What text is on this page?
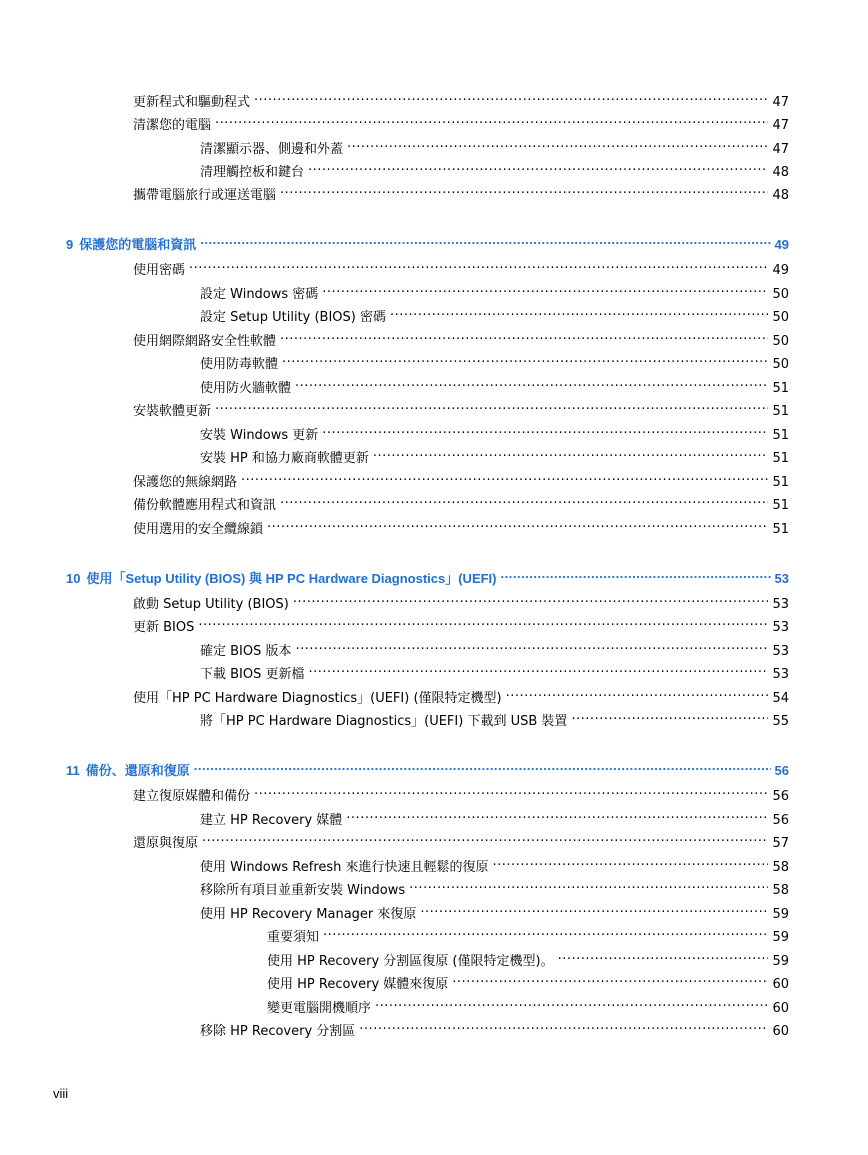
更新程式和驅動程式 .....	47
清潔您的電腦 .....	47
清潔顯示器、側邊和外蓋 .....	47
清理觸控板和鍵台 .....	48
攜帶電腦旅行或運送電腦 .....	48
9 保護您的電腦和資訊 .....	49
使用密碼 .....	49
設定 Windows 密碼 .....	50
設定 Setup Utility (BIOS) 密碼 .....	50
使用網際網路安全性軟體 .....	50
使用防毒軟體 .....	50
使用防火牆軟體 .....	51
安裝軟體更新 .....	51
安裝 Windows 更新 .....	51
安裝 HP 和協力廠商軟體更新 .....	51
保護您的無線網路 .....	51
備份軟體應用程式和資訊 .....	51
使用選用的安全纜線鎖 .....	51
10 使用「Setup Utility (BIOS) 與 HP PC Hardware Diagnostics」(UEFI) .....	53
啟動 Setup Utility (BIOS) .....	53
更新 BIOS .....	53
確定 BIOS 版本 .....	53
下載 BIOS 更新檔 .....	53
使用「HP PC Hardware Diagnostics」(UEFI) (僅限特定機型) .....	54
將「HP PC Hardware Diagnostics」(UEFI) 下載到 USB 裝置 .....	55
11 備份、還原和復原 .....	56
建立復原媒體和備份 .....	56
建立 HP Recovery 媒體 .....	56
還原與復原 .....	57
使用 Windows Refresh 來進行快速且輕鬆的復原 .....	58
移除所有項目並重新安裝 Windows .....	58
使用 HP Recovery Manager 來復原 .....	59
重要須知 .....	59
使用 HP Recovery 分割區復原 (僅限特定機型)。 .....	59
使用 HP Recovery 媒體來復原 .....	60
變更電腦開機順序 .....	60
移除 HP Recovery 分割區 .....	60
viii
